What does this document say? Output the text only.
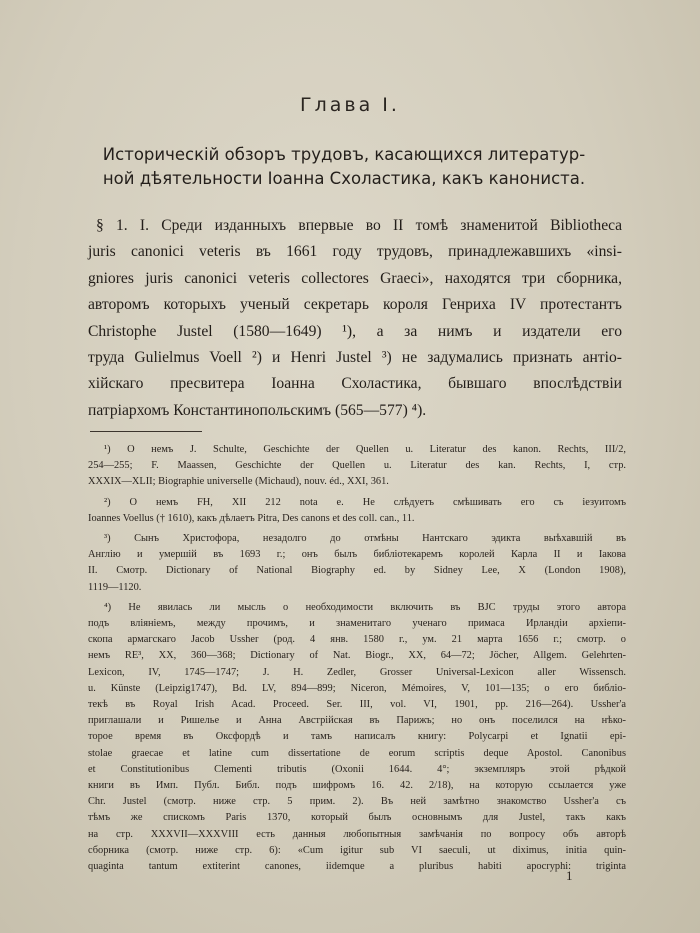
Глава I.
Историческій обзоръ трудовъ, касающихся литератур-
ной дѣятельности Іоанна Схоластика, какъ канониста.
§ 1. I. Среди изданныхъ впервые во II томѣ знаменитой Bibliotheca
juris canonici veteris въ 1661 году трудовъ, принадлежавшихъ «insi-
gniores juris canonici veteris collectores Graeci», находятся три сборника,
авторомъ которыхъ ученый секретарь короля Генриха IV протестантъ
Christophe Justel (1580—1649) ¹), а за нимъ и издатели его
труда Gulielmus Voell ²) и Henri Justel ³) не задумались признать антіо-
хійскаго пресвитера Іоанна Схоластика, бывшаго впослѣдствіи
патріархомъ Константинопольскимъ (565—577) ⁴).
¹) О немъ J. Schulte, Geschichte der Quellen u. Literatur des kanon. Rechts, III/2,
254—255; F. Maassen, Geschichte der Quellen u. Literatur des kan. Rechts, I, стр.
XXXIX—XLII; Biographie universelle (Michaud), nouv. éd., XXI, 361.
²) О немъ FH, XII 212 nota e. Не слѣдуетъ смѣшивать его съ іезуитомъ
Ioannes Voellus († 1610), какъ дѣлаетъ Pitra, Des canons et des coll. can., 11.
³) Сынъ Христофора, незадолго до отмѣны Нантскаго эдикта выѣхавшій въ
Англію и умершій въ 1693 г.; онъ былъ библіотекаремъ королей Карла II и Іакова
II. Смотр. Dictionary of National Biography ed. by Sidney Lee, X (London 1908),
1119—1120.
⁴) Не явилась ли мысль о необходимости включить въ BJC труды этого автора
подъ вліяніемъ, между прочимъ, и знаменитаго ученаго примаса Ирландіи архіепи-
скопа армагскаго Jacob Ussher (род. 4 янв. 1580 г., ум. 21 марта 1656 г.; смотр. о
немъ RE³, XX, 360—368; Dictionary of Nat. Biogr., XX, 64—72; Jöcher, Allgem. Gelehrten-
Lexicon, IV, 1745—1747; J. H. Zedler, Grosser Universal-Lexicon aller Wissensch.
u. Künste (Leipzig1747), Bd. LV, 894—899; Niceron, Mémoires, V, 101—135; о его библіо-
текѣ въ Royal Irish Acad. Proceed. Ser. III, vol. VI, 1901, pp. 216—264). Ussher'а
приглашали и Ришелье и Анна Австрійская въ Парижъ; но онъ поселился на нѣко-
торое время въ Оксфордѣ и тамъ написалъ книгу: Polycarpi et Ignatii epi-
stolae graecae et latine cum dissertatione de eorum scriptis deque Apostol. Canonibus
et Constitutionibus Clementi tributis (Oxonii 1644. 4°; экземпляръ этой рѣдкой
книги въ Имп. Публ. Библ. подъ шифромъ 16. 42. 2/18), на которую ссылается уже
Chr. Justel (смотр. ниже стр. 5 прим. 2). Въ ней замѣтно знакомство Ussher'а съ
тѣмъ же спискомъ Paris 1370, который былъ основнымъ для Justel, такъ какъ
на стр. XXXVII—XXXVIII есть данныя любопытныя замѣчанія по вопросу объ авторѣ
сборника (смотр. ниже стр. 6): «Cum igitur sub VI saeculi, ut diximus, initia quin-
quaginta tantum extiterint canones, iidemque a pluribus habiti apocryphi: triginta
1
